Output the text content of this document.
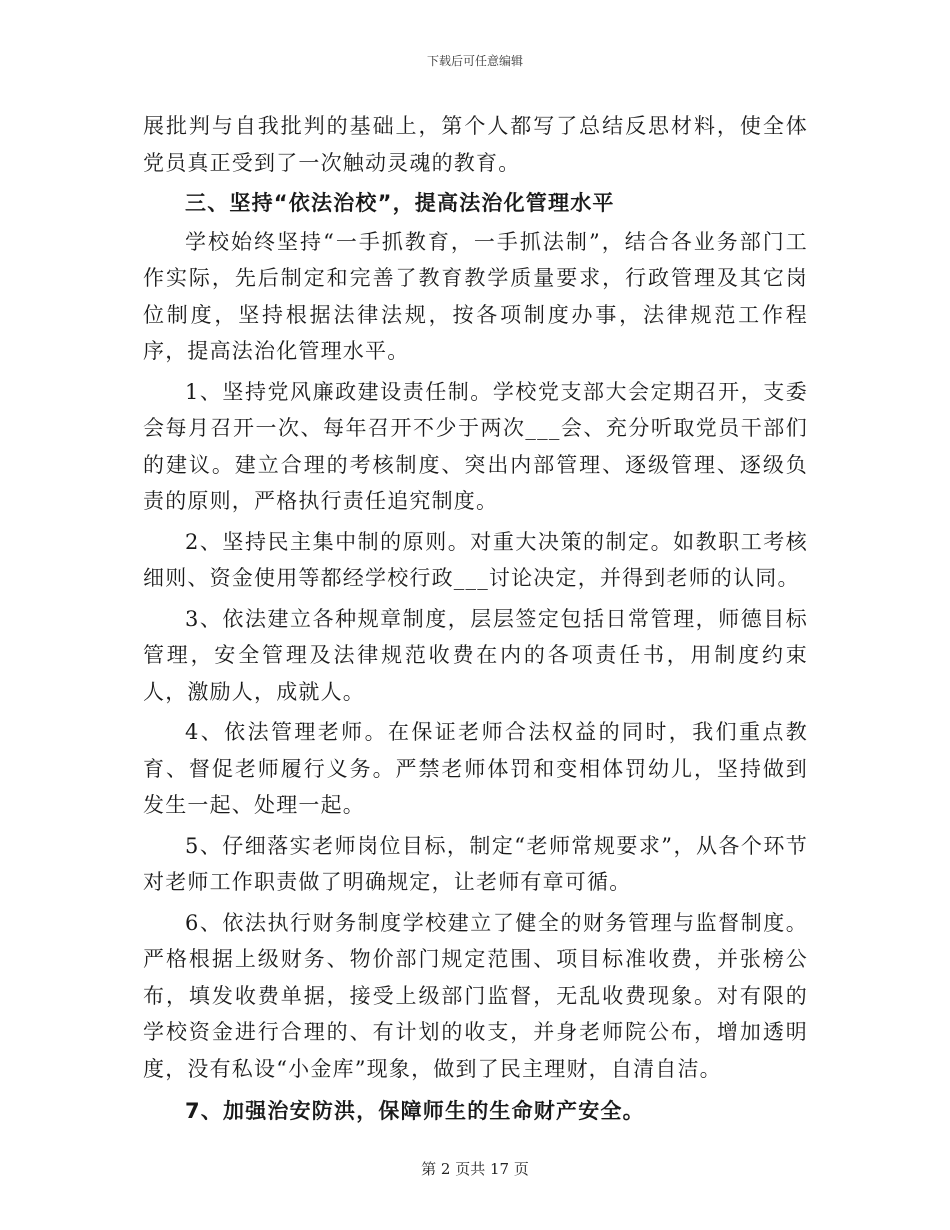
下载后可任意编辑

展批判与自我批判的基础上，第个人都写了总结反思材料，使全体党员真正受到了一次触动灵魂的教育。

三、坚持“依法治校”，提高法治化管理水平

学校始终坚持“一手抓教育，一手抓法制”，结合各业务部门工作实际，先后制定和完善了教育教学质量要求，行政管理及其它岗位制度，坚持根据法律法规，按各项制度办事，法律规范工作程序，提高法治化管理水平。

1、坚持党风廉政建设责任制。学校党支部大会定期召开，支委会每月召开一次、每年召开不少于两次___会、充分听取党员干部们的建议。建立合理的考核制度、突出内部管理、逐级管理、逐级负责的原则，严格执行责任追究制度。

2、坚持民主集中制的原则。对重大决策的制定。如教职工考核细则、资金使用等都经学校行政___讨论决定，并得到老师的认同。

3、依法建立各种规章制度，层层签定包括日常管理，师德目标管理，安全管理及法律规范收费在内的各项责任书，用制度约束人，激励人，成就人。

4、依法管理老师。在保证老师合法权益的同时，我们重点教育、督促老师履行义务。严禁老师体罚和变相体罚幼儿，坚持做到发生一起、处理一起。

5、仔细落实老师岗位目标，制定“老师常规要求”，从各个环节对老师工作职责做了明确规定，让老师有章可循。

6、依法执行财务制度学校建立了健全的财务管理与监督制度。严格根据上级财务、物价部门规定范围、项目标准收费，并张榜公布，填发收费单据，接受上级部门监督，无乱收费现象。对有限的学校资金进行合理的、有计划的收支，并身老师院公布，增加透明度，没有私设“小金库”现象，做到了民主理财，自清自洁。

7、加强治安防洪，保障师生的生命财产安全。

第 2 页共 17 页
